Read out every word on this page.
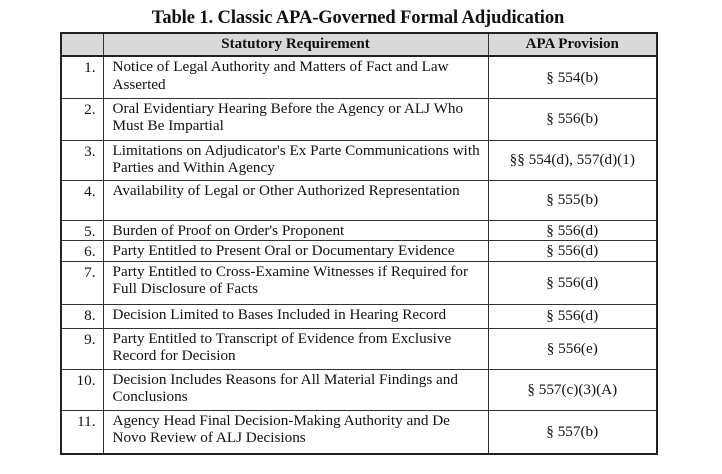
Table 1. Classic APA-Governed Formal Adjudication
	Statutory Requirement	APA Provision
1.	Notice of Legal Authority and Matters of Fact and Law Asserted	§ 554(b)
2.	Oral Evidentiary Hearing Before the Agency or ALJ Who Must Be Impartial	§ 556(b)
3.	Limitations on Adjudicator's Ex Parte Communications with Parties and Within Agency	§§ 554(d), 557(d)(1)
4.	Availability of Legal or Other Authorized Representation	§ 555(b)
5.	Burden of Proof on Order's Proponent	§ 556(d)
6.	Party Entitled to Present Oral or Documentary Evidence	§ 556(d)
7.	Party Entitled to Cross-Examine Witnesses if Required for Full Disclosure of Facts	§ 556(d)
8.	Decision Limited to Bases Included in Hearing Record	§ 556(d)
9.	Party Entitled to Transcript of Evidence from Exclusive Record for Decision	§ 556(e)
10.	Decision Includes Reasons for All Material Findings and Conclusions	§ 557(c)(3)(A)
11.	Agency Head Final Decision-Making Authority and De Novo Review of ALJ Decisions	§ 557(b)
